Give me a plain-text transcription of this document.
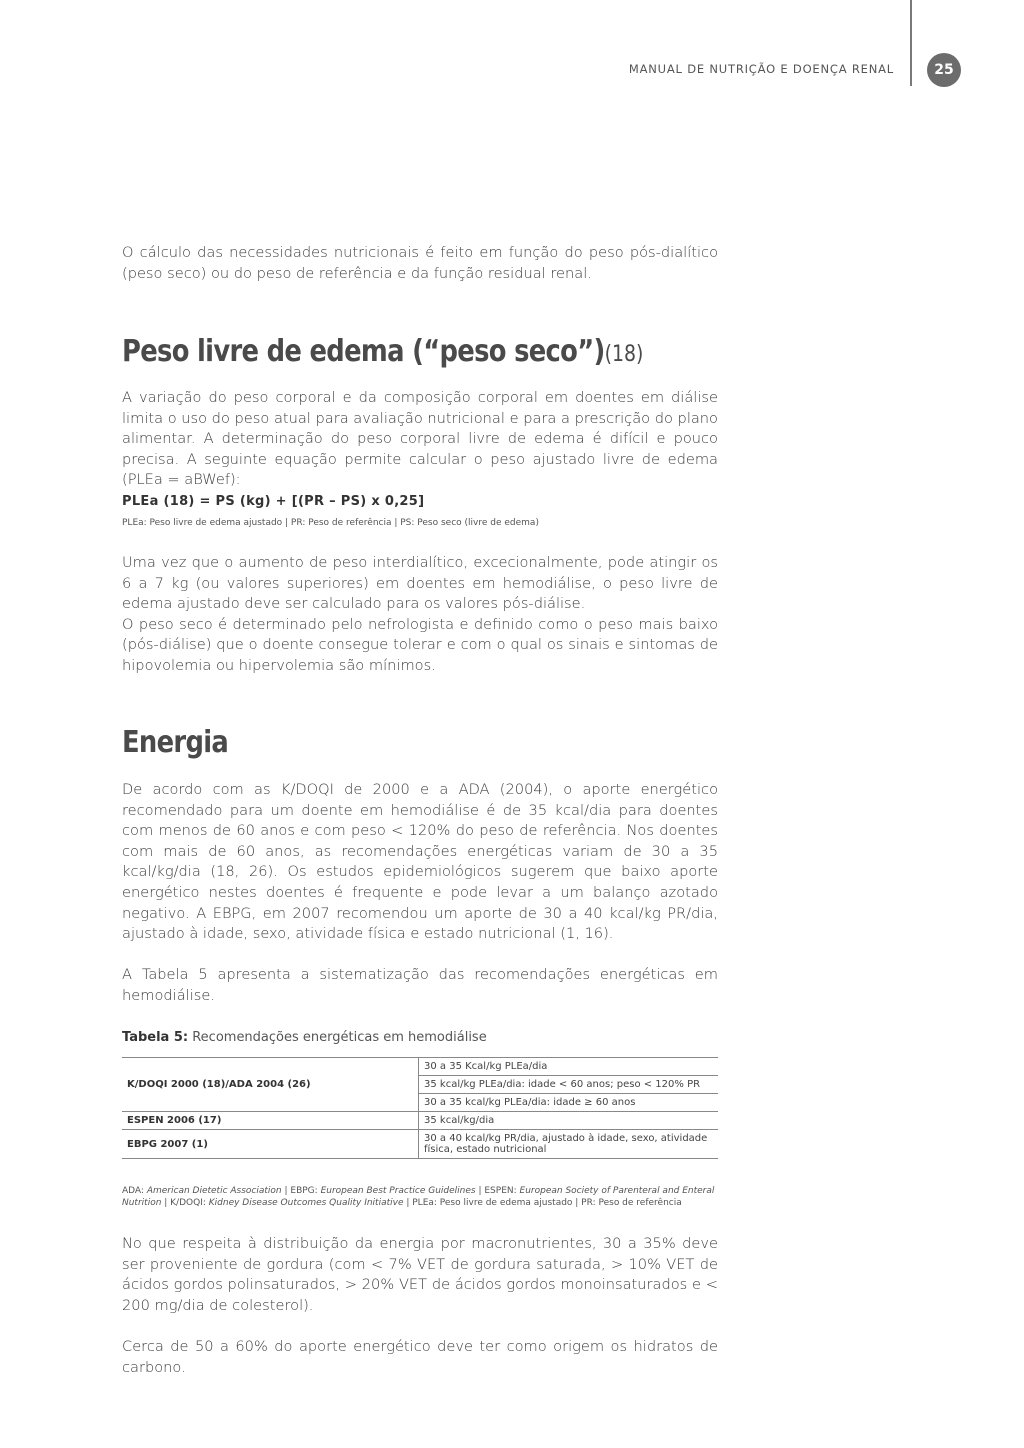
MANUAL DE NUTRIÇÃO E DOENÇA RENAL	25

O cálculo das necessidades nutricionais é feito em função do peso pós-dialítico (peso seco) ou do peso de referência e da função residual renal.

Peso livre de edema (“peso seco”)(18)

A variação do peso corporal e da composição corporal em doentes em diálise limita o uso do peso atual para avaliação nutricional e para a prescrição do plano alimentar. A determinação do peso corporal livre de edema é difícil e pouco precisa. A seguinte equação permite calcular o peso ajustado livre de edema (PLEa = aBWef):

PLEa (18) = PS (kg) + [(PR – PS) x 0,25]

PLEa: Peso livre de edema ajustado | PR: Peso de referência | PS: Peso seco (livre de edema)

Uma vez que o aumento de peso interdialítico, excecionalmente, pode atingir os 6 a 7 kg (ou valores superiores) em doentes em hemodiálise, o peso livre de edema ajustado deve ser calculado para os valores pós-diálise.

O peso seco é determinado pelo nefrologista e definido como o peso mais baixo (pós-diálise) que o doente consegue tolerar e com o qual os sinais e sintomas de hipovolemia ou hipervolemia são mínimos.

Energia

De acordo com as K/DOQI de 2000 e a ADA (2004), o aporte energético recomendado para um doente em hemodiálise é de 35 kcal/dia para doentes com menos de 60 anos e com peso < 120% do peso de referência. Nos doentes com mais de 60 anos, as recomendações energéticas variam de 30 a 35 kcal/kg/dia (18, 26). Os estudos epidemiológicos sugerem que baixo aporte energético nestes doentes é frequente e pode levar a um balanço azotado negativo. A EBPG, em 2007 recomendou um aporte de 30 a 40 kcal/kg PR/dia, ajustado à idade, sexo, atividade física e estado nutricional (1, 16).

A Tabela 5 apresenta a sistematização das recomendações energéticas em hemodiálise.

Tabela 5: Recomendações energéticas em hemodiálise

K/DOQI 2000 (18)/ADA 2004 (26)	30 a 35 Kcal/kg PLEa/dia
	35 kcal/kg PLEa/dia: idade < 60 anos; peso < 120% PR
	30 a 35 kcal/kg PLEa/dia: idade ≥ 60 anos
ESPEN 2006 (17)	35 kcal/kg/dia
EBPG 2007 (1)	30 a 40 kcal/kg PR/dia, ajustado à idade, sexo, atividade física, estado nutricional

ADA: American Dietetic Association | EBPG: European Best Practice Guidelines | ESPEN: European Society of Parenteral and Enteral Nutrition | K/DOQI: Kidney Disease Outcomes Quality Initiative | PLEa: Peso livre de edema ajustado | PR: Peso de referência

No que respeita à distribuição da energia por macronutrientes, 30 a 35% deve ser proveniente de gordura (com < 7% VET de gordura saturada, > 10% VET de ácidos gordos polinsaturados, > 20% VET de ácidos gordos monoinsaturados e < 200 mg/dia de colesterol).

Cerca de 50 a 60% do aporte energético deve ter como origem os hidratos de carbono.
